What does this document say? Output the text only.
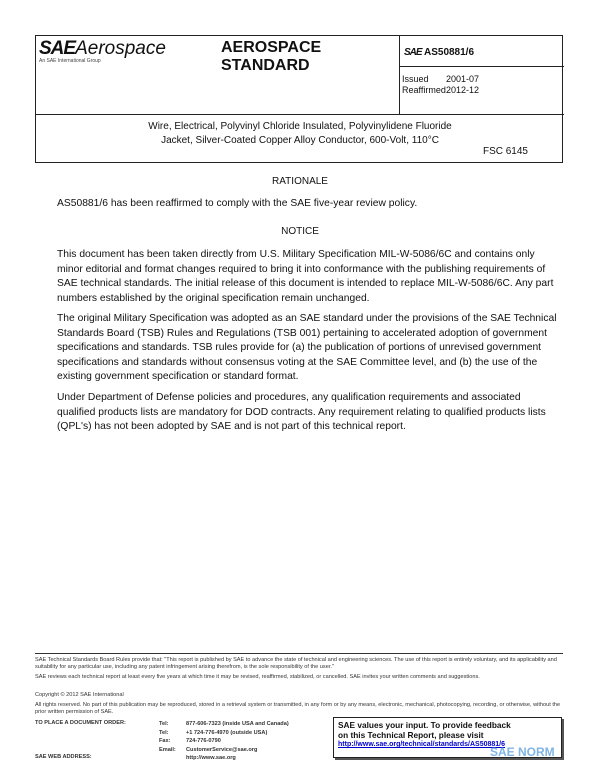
SAEAerospace
An SAE International Group
AEROSPACE
STANDARD
SAE AS50881/6
Issued 2001-07
Reaffirmed2012-12
Wire, Electrical, Polyvinyl Chloride Insulated, Polyvinylidene Fluoride
Jacket, Silver-Coated Copper Alloy Conductor, 600-Volt, 110°C
FSC 6145
RATIONALE
AS50881/6 has been reaffirmed to comply with the SAE five-year review policy.
NOTICE
This document has been taken directly from U.S. Military Specification MIL-W-5086/6C and contains only minor editorial and format changes required to bring it into conformance with the publishing requirements of SAE technical standards. The initial release of this document is intended to replace MIL-W-5086/6C. Any part numbers established by the original specification remain unchanged.
The original Military Specification was adopted as an SAE standard under the provisions of the SAE Technical Standards Board (TSB) Rules and Regulations (TSB 001) pertaining to accelerated adoption of government specifications and standards. TSB rules provide for (a) the publication of portions of unrevised government specifications and standards without consensus voting at the SAE Committee level, and (b) the use of the existing government specification or standard format.
Under Department of Defense policies and procedures, any qualification requirements and associated qualified products lists are mandatory for DOD contracts. Any requirement relating to qualified products lists (QPL's) has not been adopted by SAE and is not part of this technical report.
SAE Technical Standards Board Rules provide that: "This report is published by SAE to advance the state of technical and engineering sciences. The use of this report is entirely voluntary, and its applicability and suitability for any particular use, including any patent infringement arising therefrom, is the sole responsibility of the user."
SAE reviews each technical report at least every five years at which time it may be revised, reaffirmed, stabilized, or cancelled. SAE invites your written comments and suggestions.
Copyright © 2012 SAE International
All rights reserved. No part of this publication may be reproduced, stored in a retrieval system or transmitted, in any form or by any means, electronic, mechanical, photocopying, recording, or otherwise, without the prior written permission of SAE.
TO PLACE A DOCUMENT ORDER:	Tel:	877-606-7323 (inside USA and Canada)
Tel:	+1 724-776-4970 (outside USA)
Fax:	724-776-0790
Email: CustomerService@sae.org
http://www.sae.org
SAE WEB ADDRESS:
SAE values your input. To provide feedback
on this Technical Report, please visit
http://www.sae.org/technical/standards/AS50881/6
SAE NORM
